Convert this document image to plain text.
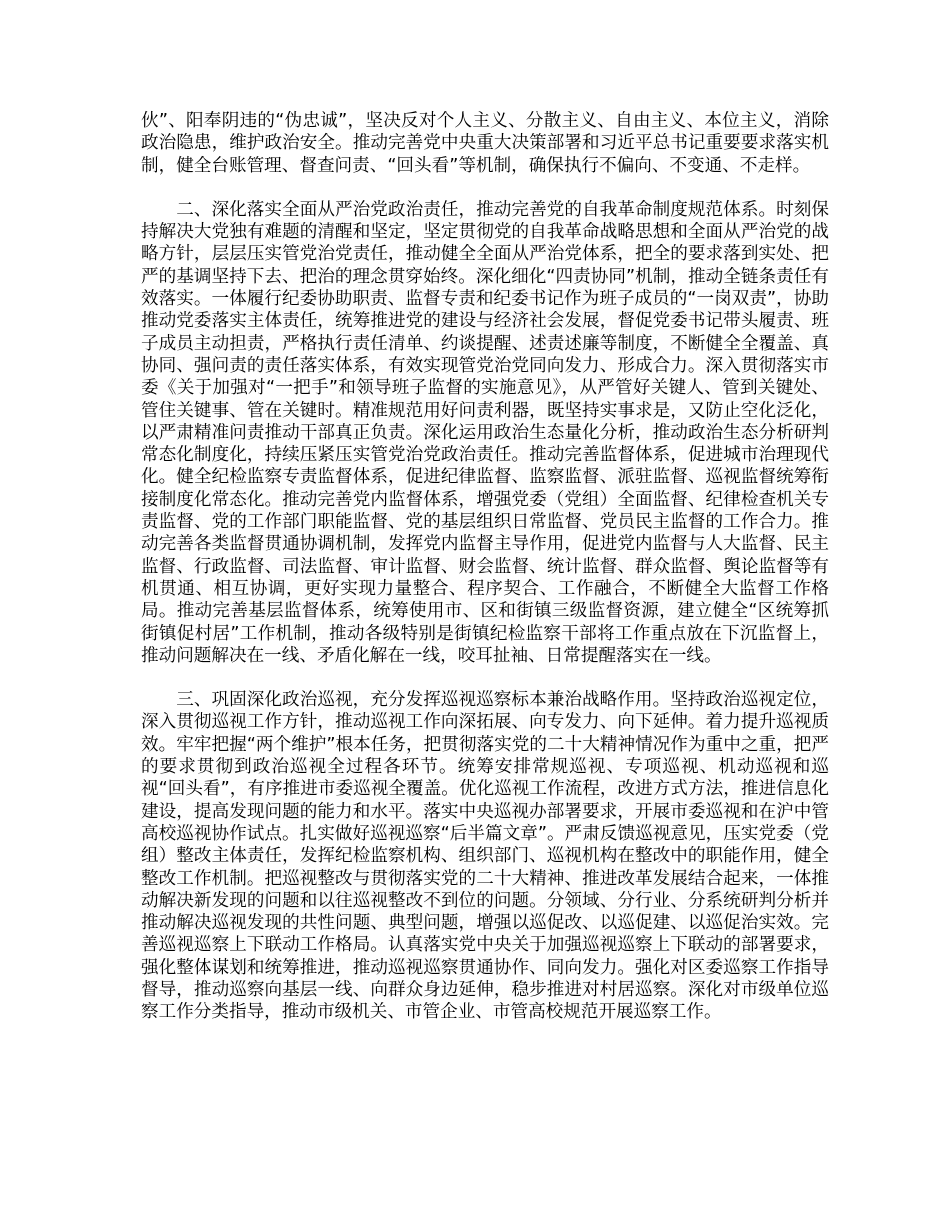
伙”、阳奉阴违的“伪忠诚”，坚决反对个人主义、分散主义、自由主义、本位主义，消除政治隐患，维护政治安全。推动完善党中央重大决策部署和习近平总书记重要要求落实机制，健全台账管理、督查问责、“回头看”等机制，确保执行不偏向、不变通、不走样。

二、深化落实全面从严治党政治责任，推动完善党的自我革命制度规范体系。时刻保持解决大党独有难题的清醒和坚定，坚定贯彻党的自我革命战略思想和全面从严治党的战略方针，层层压实管党治党责任，推动健全全面从严治党体系，把全的要求落到实处、把严的基调坚持下去、把治的理念贯穿始终。深化细化“四责协同”机制，推动全链条责任有效落实。一体履行纪委协助职责、监督专责和纪委书记作为班子成员的“一岗双责”，协助推动党委落实主体责任，统筹推进党的建设与经济社会发展，督促党委书记带头履责、班子成员主动担责，严格执行责任清单、约谈提醒、述责述廉等制度，不断健全全覆盖、真协同、强问责的责任落实体系，有效实现管党治党同向发力、形成合力。深入贯彻落实市委《关于加强对“一把手”和领导班子监督的实施意见》，从严管好关键人、管到关键处、管住关键事、管在关键时。精准规范用好问责利器，既坚持实事求是，又防止空化泛化，以严肃精准问责推动干部真正负责。深化运用政治生态量化分析，推动政治生态分析研判常态化制度化，持续压紧压实管党治党政治责任。推动完善监督体系，促进城市治理现代化。健全纪检监察专责监督体系，促进纪律监督、监察监督、派驻监督、巡视监督统筹衔接制度化常态化。推动完善党内监督体系，增强党委（党组）全面监督、纪律检查机关专责监督、党的工作部门职能监督、党的基层组织日常监督、党员民主监督的工作合力。推动完善各类监督贯通协调机制，发挥党内监督主导作用，促进党内监督与人大监督、民主监督、行政监督、司法监督、审计监督、财会监督、统计监督、群众监督、舆论监督等有机贯通、相互协调，更好实现力量整合、程序契合、工作融合，不断健全大监督工作格局。推动完善基层监督体系，统筹使用市、区和街镇三级监督资源，建立健全“区统筹抓街镇促村居”工作机制，推动各级特别是街镇纪检监察干部将工作重点放在下沉监督上，推动问题解决在一线、矛盾化解在一线，咬耳扯袖、日常提醒落实在一线。

三、巩固深化政治巡视，充分发挥巡视巡察标本兼治战略作用。坚持政治巡视定位，深入贯彻巡视工作方针，推动巡视工作向深拓展、向专发力、向下延伸。着力提升巡视质效。牢牢把握“两个维护”根本任务，把贯彻落实党的二十大精神情况作为重中之重，把严的要求贯彻到政治巡视全过程各环节。统筹安排常规巡视、专项巡视、机动巡视和巡视“回头看”，有序推进市委巡视全覆盖。优化巡视工作流程，改进方式方法，推进信息化建设，提高发现问题的能力和水平。落实中央巡视办部署要求，开展市委巡视和在沪中管高校巡视协作试点。扎实做好巡视巡察“后半篇文章”。严肃反馈巡视意见，压实党委（党组）整改主体责任，发挥纪检监察机构、组织部门、巡视机构在整改中的职能作用，健全整改工作机制。把巡视整改与贯彻落实党的二十大精神、推进改革发展结合起来，一体推动解决新发现的问题和以往巡视整改不到位的问题。分领域、分行业、分系统研判分析并推动解决巡视发现的共性问题、典型问题，增强以巡促改、以巡促建、以巡促治实效。完善巡视巡察上下联动工作格局。认真落实党中央关于加强巡视巡察上下联动的部署要求，强化整体谋划和统筹推进，推动巡视巡察贯通协作、同向发力。强化对区委巡察工作指导督导，推动巡察向基层一线、向群众身边延伸，稳步推进对村居巡察。深化对市级单位巡察工作分类指导，推动市级机关、市管企业、市管高校规范开展巡察工作。
